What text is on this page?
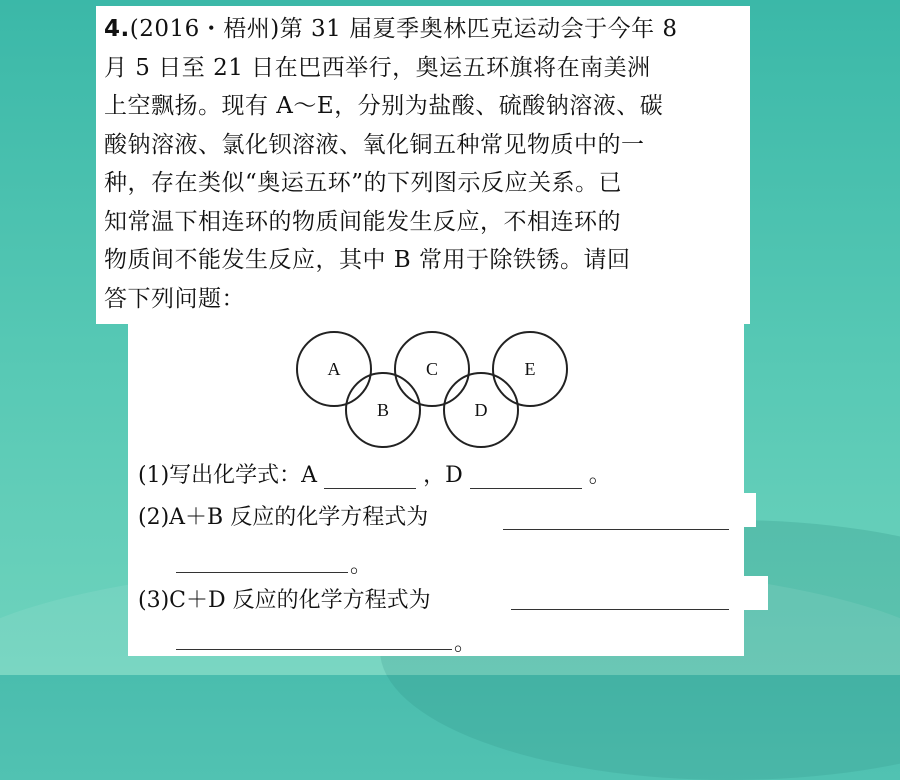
4.(2016・梧州)第 31 届夏季奥林匹克运动会于今年 8
月 5 日至 21 日在巴西举行，奥运五环旗将在南美洲
上空飘扬。现有 A～E，分别为盐酸、硫酸钠溶液、碳
酸钠溶液、氯化钡溶液、氧化铜五种常见物质中的一
种，存在类似“奥运五环”的下列图示反应关系。已
知常温下相连环的物质间能发生反应，不相连环的
物质间不能发生反应，其中 B 常用于除铁锈。请回
答下列问题：
A
B
C
D
E
(1)写出化学式：A	，D	。
(2)A＋B 反应的化学方程式为
。
(3)C＋D 反应的化学方程式为
。
